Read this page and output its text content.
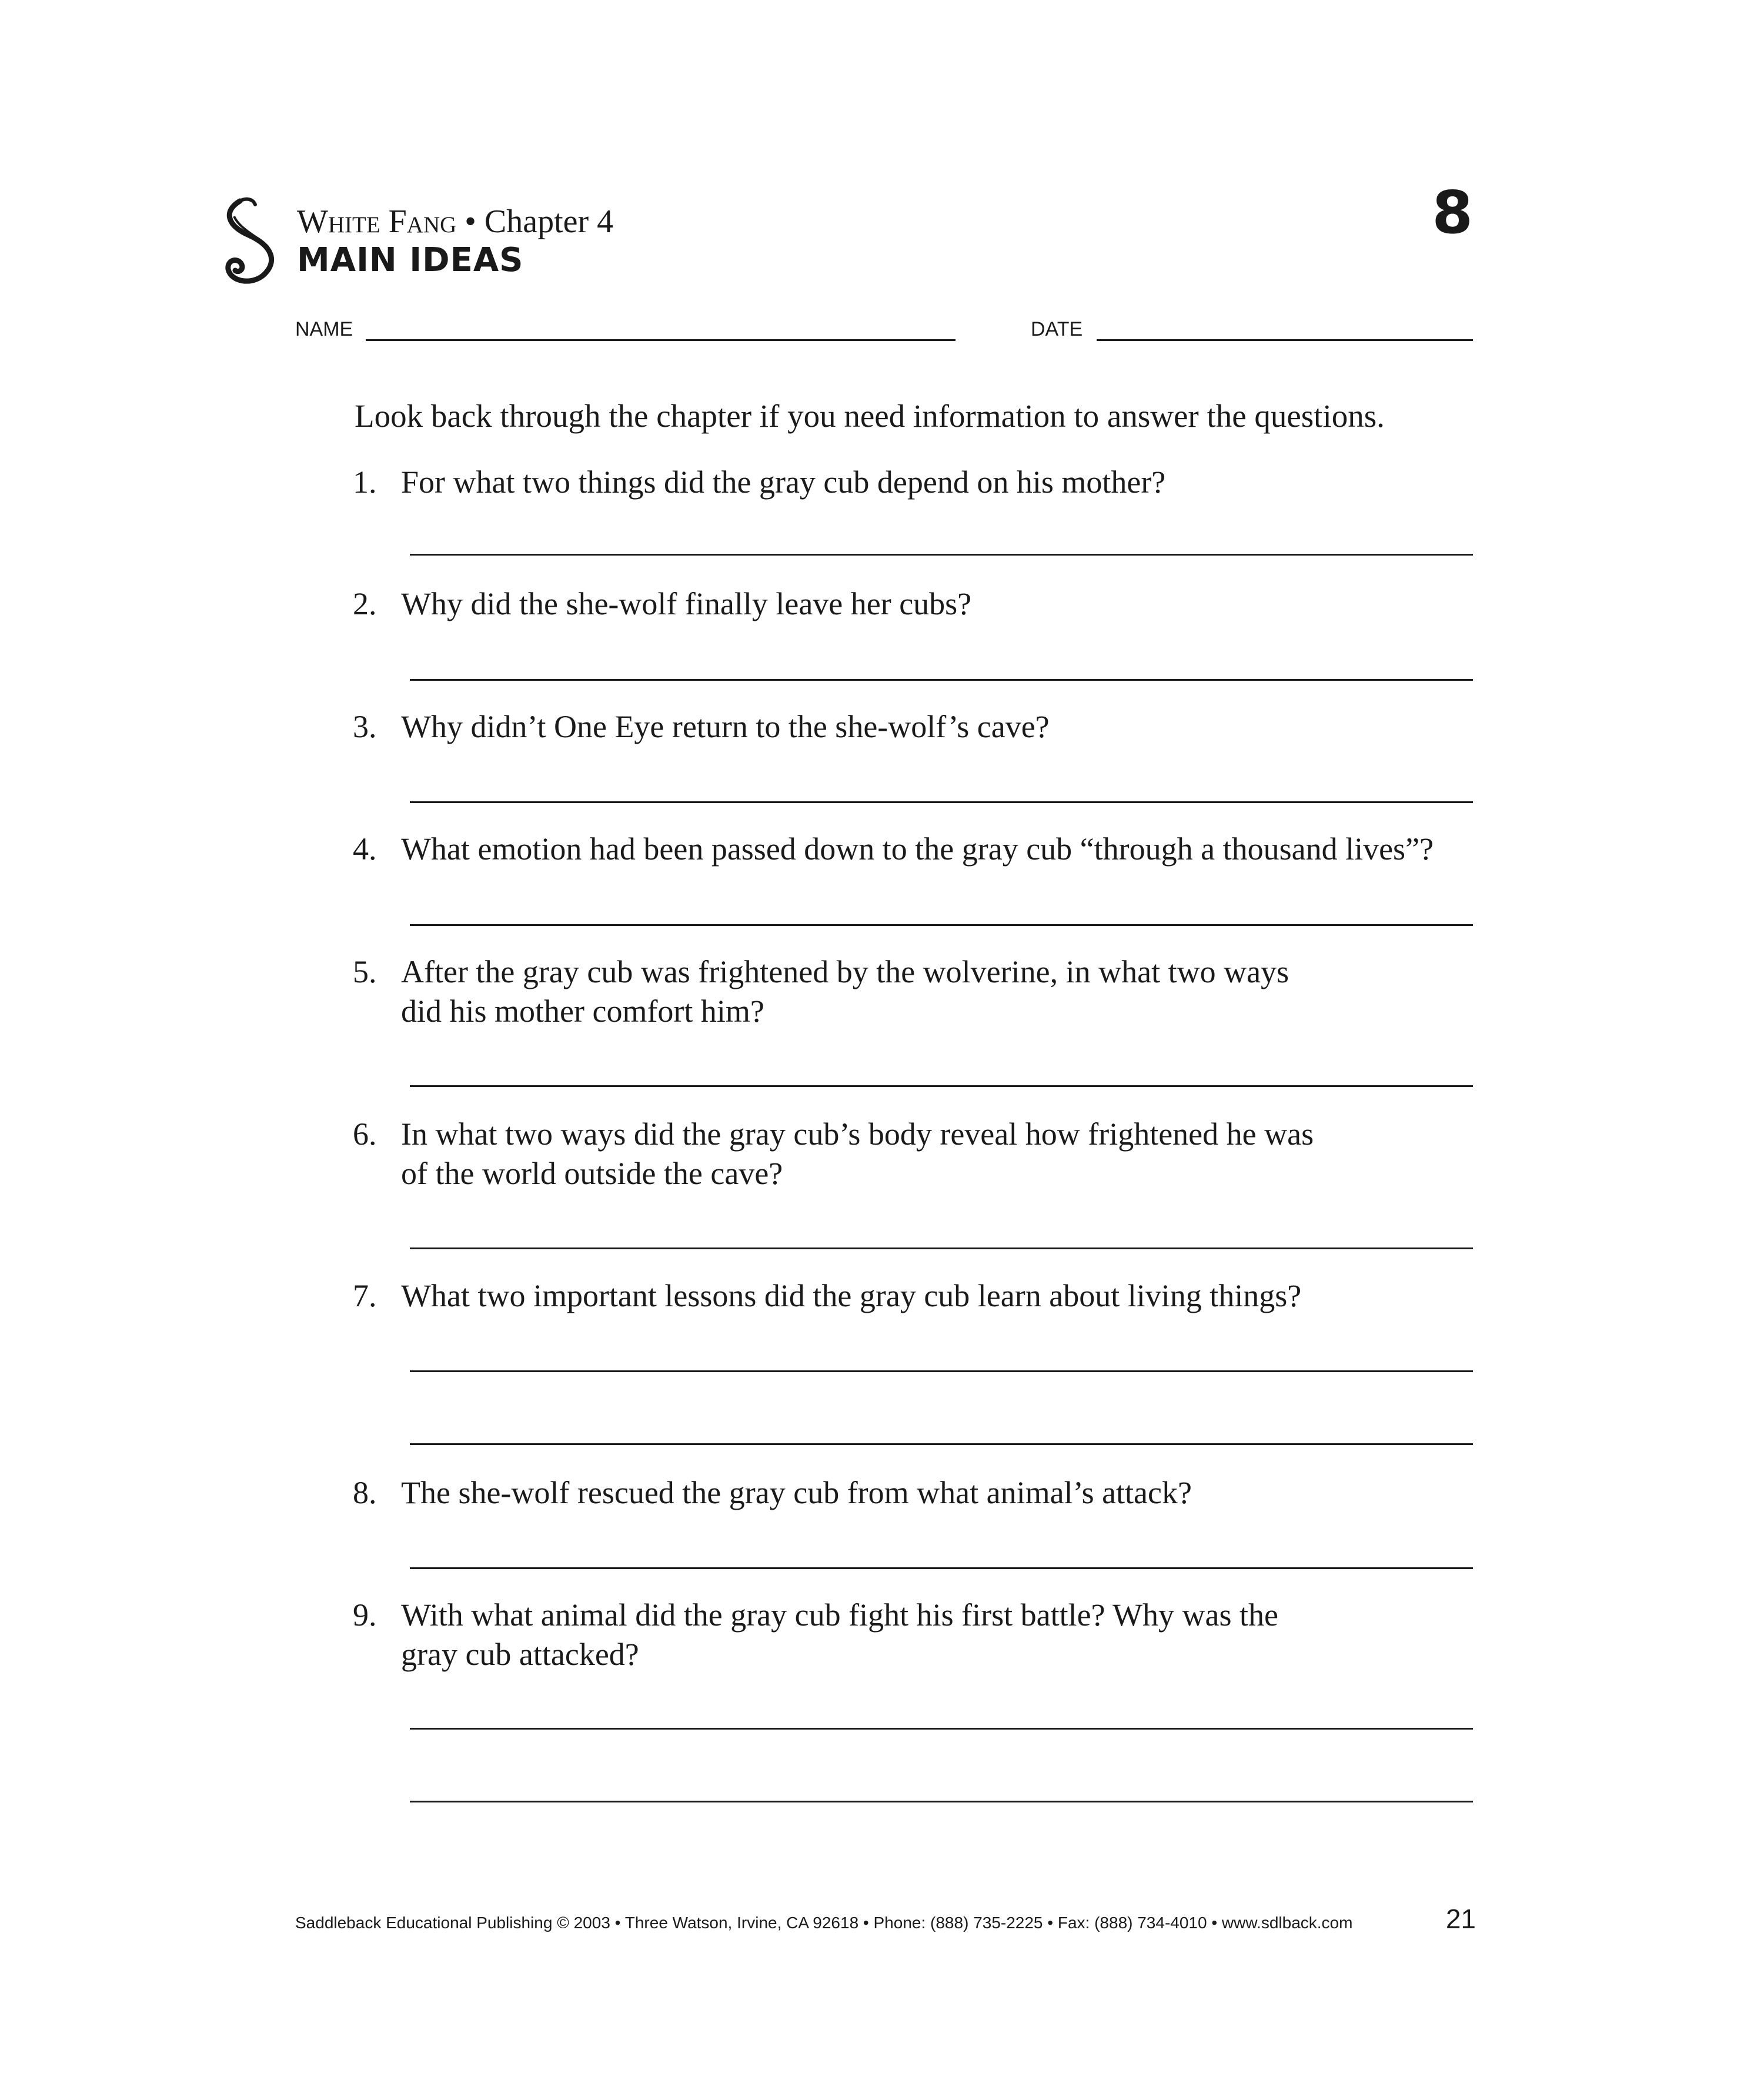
White Fang • Chapter 4
MAIN IDEAS
8
NAME	DATE
Look back through the chapter if you need information to answer the questions.
1. For what two things did the gray cub depend on his mother?
2. Why did the she-wolf finally leave her cubs?
3. Why didn’t One Eye return to the she-wolf’s cave?
4. What emotion had been passed down to the gray cub “through a thousand lives”?
5. After the gray cub was frightened by the wolverine, in what two ways
did his mother comfort him?
6. In what two ways did the gray cub’s body reveal how frightened he was
of the world outside the cave?
7. What two important lessons did the gray cub learn about living things?
8. The she-wolf rescued the gray cub from what animal’s attack?
9. With what animal did the gray cub fight his first battle? Why was the
gray cub attacked?
Saddleback Educational Publishing © 2003 • Three Watson, Irvine, CA 92618 • Phone: (888) 735-2225 • Fax: (888) 734-4010 • www.sdlback.com	21
